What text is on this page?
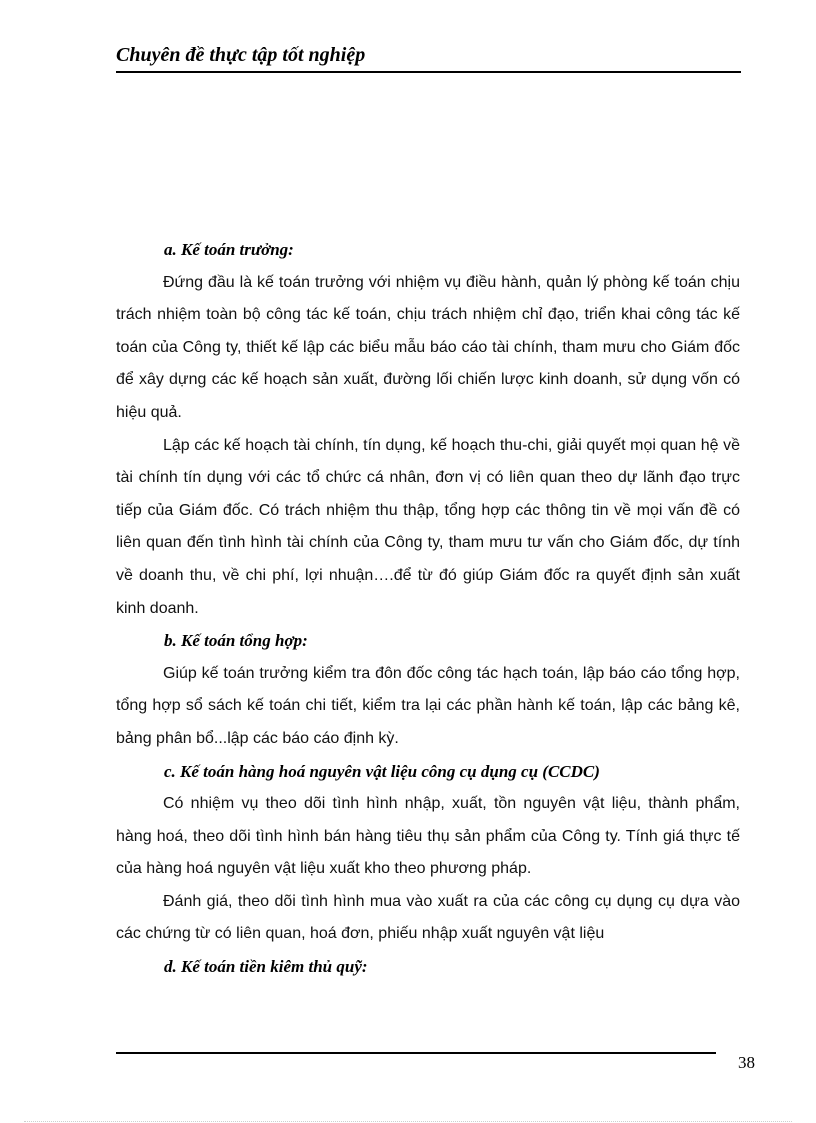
Chuyên đề thực tập tốt nghiệp

a. Kế toán trưởng:

Đứng đầu là kế toán trưởng với nhiệm vụ điều hành, quản lý phòng kế toán chịu trách nhiệm toàn bộ công tác kế toán, chịu trách nhiệm chỉ đạo, triển khai công tác kế toán của Công ty, thiết kế lập các biểu mẫu báo cáo tài chính, tham mưu cho Giám đốc để xây dựng các kế hoạch sản xuất, đường lối chiến lược kinh doanh, sử dụng vốn có hiệu quả.

Lập các kế hoạch tài chính, tín dụng, kế hoạch thu-chi, giải quyết mọi quan hệ về tài chính tín dụng với các tổ chức cá nhân, đơn vị có liên quan theo dự lãnh đạo trực tiếp của Giám đốc. Có trách nhiệm thu thập, tổng hợp các thông tin về mọi vấn đề có liên quan đến tình hình tài chính của Công ty, tham mưu tư vấn cho Giám đốc, dự tính về doanh thu, về chi phí, lợi nhuận….để từ đó giúp Giám đốc ra quyết định sản xuất kinh doanh.

b. Kế toán tổng hợp:

Giúp kế toán trưởng kiểm tra đôn đốc công tác hạch toán, lập báo cáo tổng hợp, tổng hợp sổ sách kế toán chi tiết, kiểm tra lại các phần hành kế toán, lập các bảng kê, bảng phân bổ...lập các báo cáo định kỳ.

c. Kế toán hàng hoá nguyên vật liệu công cụ dụng cụ (CCDC)

Có nhiệm vụ theo dõi tình hình nhập, xuất, tồn nguyên vật liệu, thành phẩm, hàng hoá, theo dõi tình hình bán hàng tiêu thụ sản phẩm của Công ty. Tính giá thực tế của hàng hoá nguyên vật liệu xuất kho theo phương pháp.

Đánh giá, theo dõi tình hình mua vào xuất ra của các công cụ dụng cụ dựa vào các chứng từ có liên quan, hoá đơn, phiếu nhập xuất nguyên vật liệu

d. Kế toán tiền kiêm thủ quỹ:

38
